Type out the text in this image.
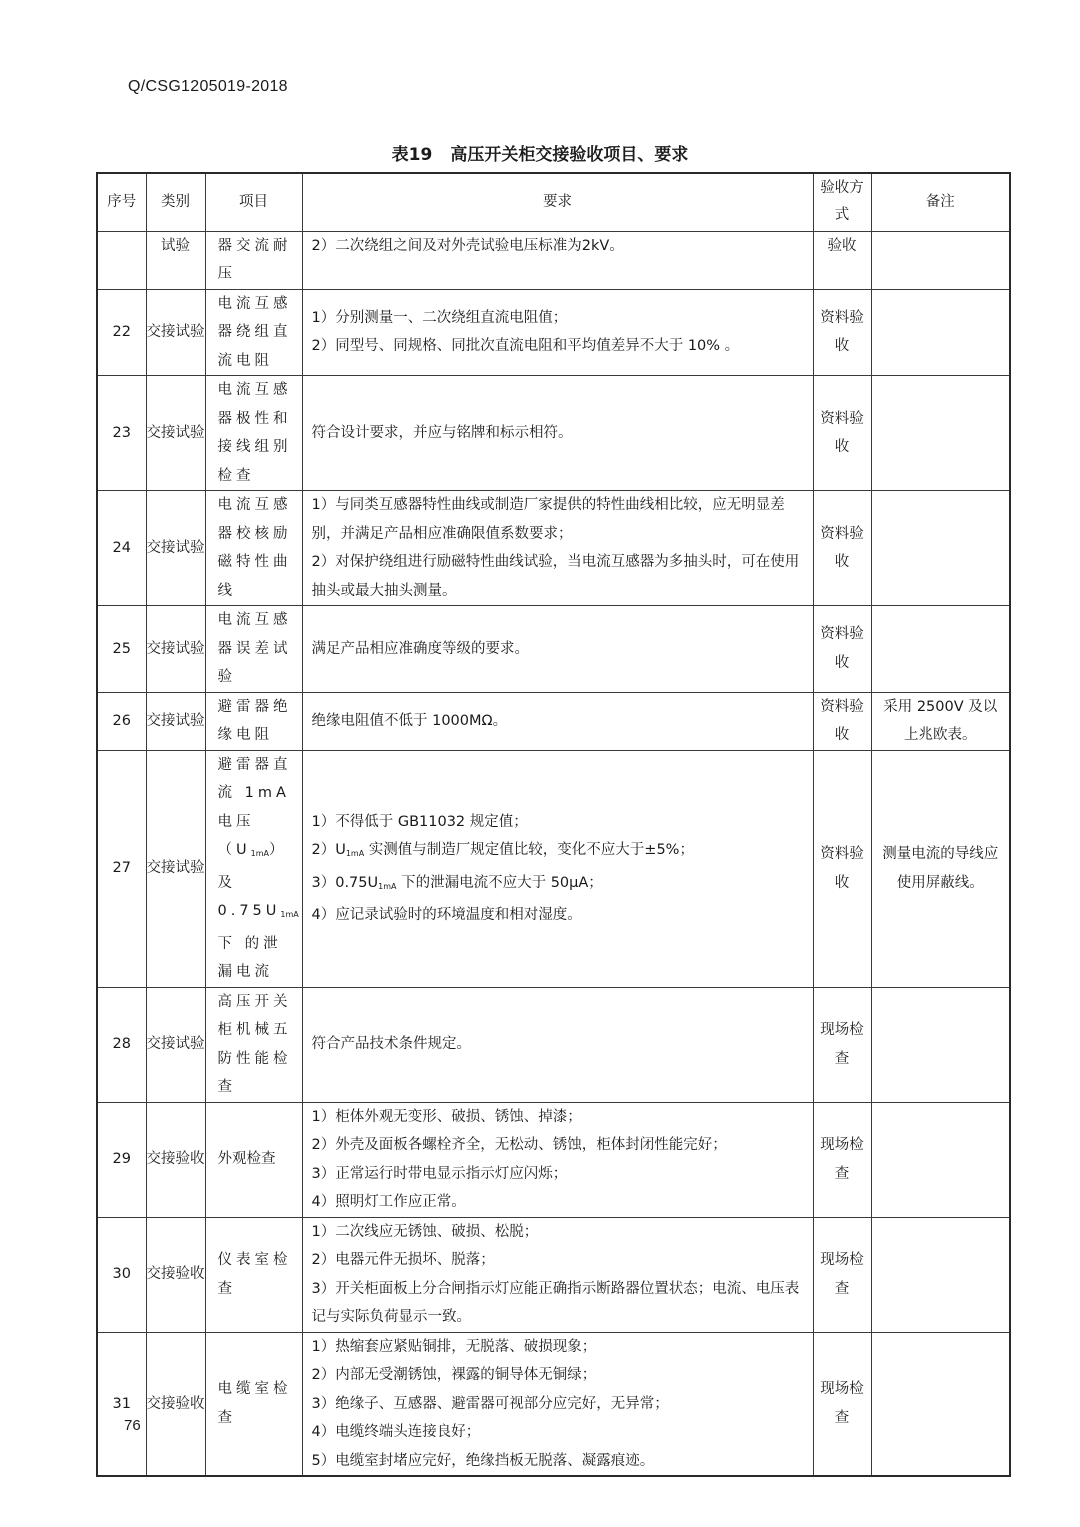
Q/CSG1205019-2018
表19 高压开关柜交接验收项目、要求
序号	类别	项目	要求	验收方式	备注
	试验	器交流耐压	2）二次绕组之间及对外壳试验电压标准为2kV。	验收	
22	交接试验	电流互感器绕组直流电阻	1）分别测量一、二次绕组直流电阻值；
2）同型号、同规格、同批次直流电阻和平均值差异不大于 10% 。	资料验收	
23	交接试验	电流互感器极性和接线组别检查	符合设计要求，并应与铭牌和标示相符。	资料验收	
24	交接试验	电流互感器校核励磁特性曲线	1）与同类互感器特性曲线或制造厂家提供的特性曲线相比较，应无明显差别，并满足产品相应准确限值系数要求；
2）对保护绕组进行励磁特性曲线试验，当电流互感器为多抽头时，可在使用抽头或最大抽头测量。	资料验收	
25	交接试验	电流互感器误差试验	满足产品相应准确度等级的要求。	资料验收	
26	交接试验	避雷器绝缘电阻	绝缘电阻值不低于 1000MΩ。	资料验收	采用 2500V 及以上兆欧表。
27	交接试验	避雷器直流 1mA 电压$(U_{1mA})$及 $0.75U_{1mA}$ 下 的泄漏电流	1）不得低于 GB11032 规定值；
$2)U_{1mA}$ 实测值与制造厂规定值比较，变化不应大于±5%；
$3)0.75U_{1mA}$ 下的泄漏电流不应大于 50μA；
4）应记录试验时的环境温度和相对湿度。	资料验收	测量电流的导线应使用屏蔽线。
28	交接试验	高压开关柜机械五防性能检查	符合产品技术条件规定。	现场检查	
29	交接验收	外观检查	1）柜体外观无变形、破损、锈蚀、掉漆；
2）外壳及面板各螺栓齐全，无松动、锈蚀，柜体封闭性能完好；
3）正常运行时带电显示指示灯应闪烁；
4）照明灯工作应正常。	现场检查	
30	交接验收	仪表室检查	1）二次线应无锈蚀、破损、松脱；
2）电器元件无损坏、脱落；
3）开关柜面板上分合闸指示灯应能正确指示断路器位置状态；电流、电压表记与实际负荷显示一致。	现场检查	
31	交接验收	电缆室检查	1）热缩套应紧贴铜排，无脱落、破损现象；
2）内部无受潮锈蚀，裸露的铜导体无铜绿；
3）绝缘子、互感器、避雷器可视部分应完好，无异常；
4）电缆终端头连接良好；
5）电缆室封堵应完好，绝缘挡板无脱落、凝露痕迹。	现场检查	
76
